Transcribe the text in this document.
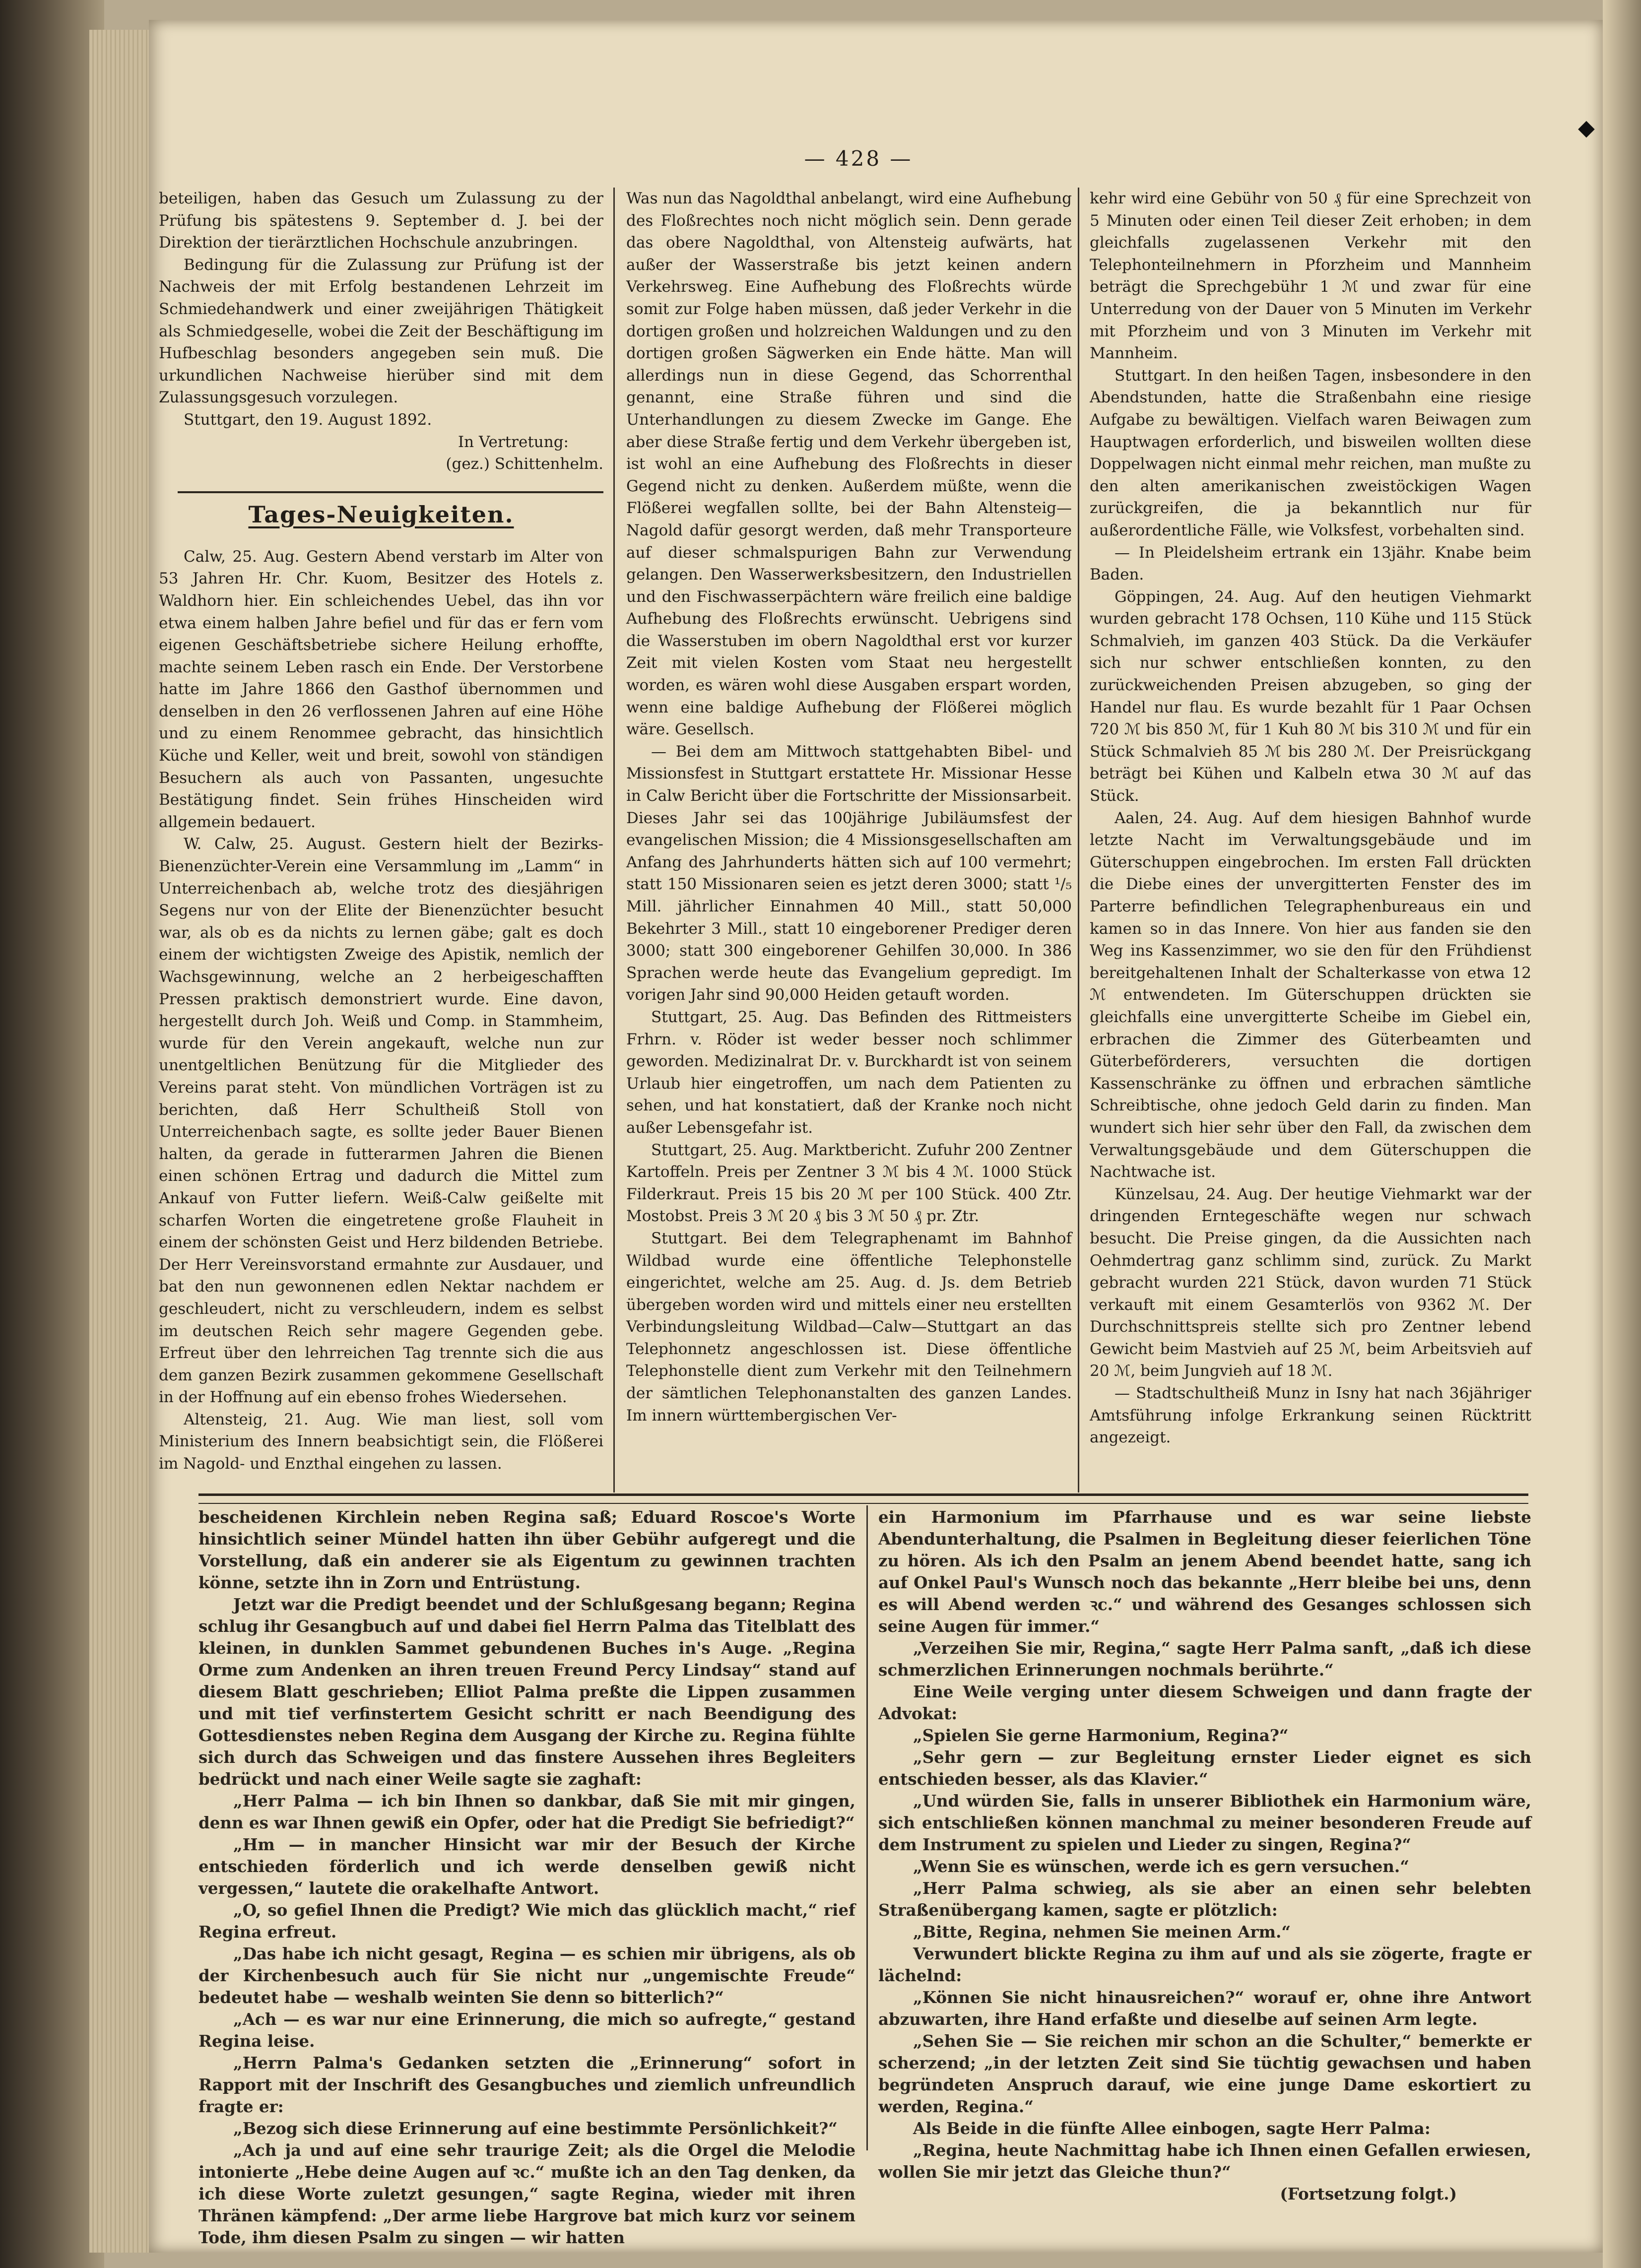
◆
— 428 —

beteiligen, haben das Gesuch um Zulassung zu der Prüfung bis spätestens 9. September d. J. bei der Direktion der tierärztlichen Hochschule anzubringen.

Bedingung für die Zulassung zur Prüfung ist der Nachweis der mit Erfolg bestandenen Lehrzeit im Schmiedehandwerk und einer zweijährigen Thätigkeit als Schmiedgeselle, wobei die Zeit der Beschäftigung im Hufbeschlag besonders angegeben sein muß. Die urkundlichen Nachweise hierüber sind mit dem Zulassungsgesuch vorzulegen.

Stuttgart, den 19. August 1892.

In Vertretung:

(gez.) Schittenhelm.

Calw, 25. Aug. Gestern Abend verstarb im Alter von 53 Jahren Hr. Chr. Kuom, Besitzer des Hotels z. Waldhorn hier. Ein schleichendes Uebel, das ihn vor etwa einem halben Jahre befiel und für das er fern vom eigenen Geschäftsbetriebe sichere Heilung erhoffte, machte seinem Leben rasch ein Ende. Der Verstorbene hatte im Jahre 1866 den Gasthof übernommen und denselben in den 26 verflossenen Jahren auf eine Höhe und zu einem Renommee gebracht, das hinsichtlich Küche und Keller, weit und breit, sowohl von ständigen Besuchern als auch von Passanten, ungesuchte Bestätigung findet. Sein frühes Hinscheiden wird allgemein bedauert.

W. Calw, 25. August. Gestern hielt der Bezirks-Bienenzüchter-Verein eine Versammlung im „Lamm“ in Unterreichenbach ab, welche trotz des diesjährigen Segens nur von der Elite der Bienenzüchter besucht war, als ob es da nichts zu lernen gäbe; galt es doch einem der wichtigsten Zweige des Apistik, nemlich der Wachsgewinnung, welche an 2 herbeigeschafften Pressen praktisch demonstriert wurde. Eine davon, hergestellt durch Joh. Weiß und Comp. in Stammheim, wurde für den Verein angekauft, welche nun zur unentgeltlichen Benützung für die Mitglieder des Vereins parat steht. Von mündlichen Vorträgen ist zu berichten, daß Herr Schultheiß Stoll von Unterreichenbach sagte, es sollte jeder Bauer Bienen halten, da gerade in futterarmen Jahren die Bienen einen schönen Ertrag und dadurch die Mittel zum Ankauf von Futter liefern. Weiß-Calw geißelte mit scharfen Worten die eingetretene große Flauheit in einem der schönsten Geist und Herz bildenden Betriebe. Der Herr Vereinsvorstand ermahnte zur Ausdauer, und bat den nun gewonnenen edlen Nektar nachdem er geschleudert, nicht zu verschleudern, indem es selbst im deutschen Reich sehr magere Gegenden gebe. Erfreut über den lehrreichen Tag trennte sich die aus dem ganzen Bezirk zusammen gekommene Gesellschaft in der Hoffnung auf ein ebenso frohes Wiedersehen.

Altensteig, 21. Aug. Wie man liest, soll vom Ministerium des Innern beabsichtigt sein, die Flößerei im Nagold- und Enzthal eingehen zu lassen.

Tages-Neuigkeiten.

Was nun das Nagoldthal anbelangt, wird eine Aufhebung des Floßrechtes noch nicht möglich sein. Denn gerade das obere Nagoldthal, von Altensteig aufwärts, hat außer der Wasserstraße bis jetzt keinen andern Verkehrsweg. Eine Aufhebung des Floßrechts würde somit zur Folge haben müssen, daß jeder Verkehr in die dortigen großen und holzreichen Waldungen und zu den dortigen großen Sägwerken ein Ende hätte. Man will allerdings nun in diese Gegend, das Schorrenthal genannt, eine Straße führen und sind die Unterhandlungen zu diesem Zwecke im Gange. Ehe aber diese Straße fertig und dem Verkehr übergeben ist, ist wohl an eine Aufhebung des Floßrechts in dieser Gegend nicht zu denken. Außerdem müßte, wenn die Flößerei wegfallen sollte, bei der Bahn Altensteig—Nagold dafür gesorgt werden, daß mehr Transporteure auf dieser schmalspurigen Bahn zur Verwendung gelangen. Den Wasserwerksbesitzern, den Industriellen und den Fischwasserpächtern wäre freilich eine baldige Aufhebung des Floßrechts erwünscht. Uebrigens sind die Wasserstuben im obern Nagoldthal erst vor kurzer Zeit mit vielen Kosten vom Staat neu hergestellt worden, es wären wohl diese Ausgaben erspart worden, wenn eine baldige Aufhebung der Flößerei möglich wäre. Gesellsch.

— Bei dem am Mittwoch stattgehabten Bibel- und Missionsfest in Stuttgart erstattete Hr. Missionar Hesse in Calw Bericht über die Fortschritte der Missionsarbeit. Dieses Jahr sei das 100jährige Jubiläumsfest der evangelischen Mission; die 4 Missionsgesellschaften am Anfang des Jahrhunderts hätten sich auf 100 vermehrt; statt 150 Missionaren seien es jetzt deren 3000; statt ¹/₅ Mill. jährlicher Einnahmen 40 Mill., statt 50,000 Bekehrter 3 Mill., statt 10 eingeborener Prediger deren 3000; statt 300 eingeborener Gehilfen 30,000. In 386 Sprachen werde heute das Evangelium gepredigt. Im vorigen Jahr sind 90,000 Heiden getauft worden.

Stuttgart, 25. Aug. Das Befinden des Rittmeisters Frhrn. v. Röder ist weder besser noch schlimmer geworden. Medizinalrat Dr. v. Burckhardt ist von seinem Urlaub hier eingetroffen, um nach dem Patienten zu sehen, und hat konstatiert, daß der Kranke noch nicht außer Lebensgefahr ist.

Stuttgart, 25. Aug. Marktbericht. Zufuhr 200 Zentner Kartoffeln. Preis per Zentner 3 ℳ bis 4 ℳ. 1000 Stück Filderkraut. Preis 15 bis 20 ℳ per 100 Stück. 400 Ztr. Mostobst. Preis 3 ℳ 20 ₰ bis 3 ℳ 50 ₰ pr. Ztr.

Stuttgart. Bei dem Telegraphenamt im Bahnhof Wildbad wurde eine öffentliche Telephonstelle eingerichtet, welche am 25. Aug. d. Js. dem Betrieb übergeben worden wird und mittels einer neu erstellten Verbindungsleitung Wildbad—Calw—Stuttgart an das Telephonnetz angeschlossen ist. Diese öffentliche Telephonstelle dient zum Verkehr mit den Teilnehmern der sämtlichen Telephonanstalten des ganzen Landes. Im innern württembergischen Ver-

kehr wird eine Gebühr von 50 ₰ für eine Sprechzeit von 5 Minuten oder einen Teil dieser Zeit erhoben; in dem gleichfalls zugelassenen Verkehr mit den Telephonteilnehmern in Pforzheim und Mannheim beträgt die Sprechgebühr 1 ℳ und zwar für eine Unterredung von der Dauer von 5 Minuten im Verkehr mit Pforzheim und von 3 Minuten im Verkehr mit Mannheim.

Stuttgart. In den heißen Tagen, insbesondere in den Abendstunden, hatte die Straßenbahn eine riesige Aufgabe zu bewältigen. Vielfach waren Beiwagen zum Hauptwagen erforderlich, und bisweilen wollten diese Doppelwagen nicht einmal mehr reichen, man mußte zu den alten amerikanischen zweistöckigen Wagen zurückgreifen, die ja bekanntlich nur für außerordentliche Fälle, wie Volksfest, vorbehalten sind.

— In Pleidelsheim ertrank ein 13jähr. Knabe beim Baden.

Göppingen, 24. Aug. Auf den heutigen Viehmarkt wurden gebracht 178 Ochsen, 110 Kühe und 115 Stück Schmalvieh, im ganzen 403 Stück. Da die Verkäufer sich nur schwer entschließen konnten, zu den zurückweichenden Preisen abzugeben, so ging der Handel nur flau. Es wurde bezahlt für 1 Paar Ochsen 720 ℳ bis 850 ℳ, für 1 Kuh 80 ℳ bis 310 ℳ und für ein Stück Schmalvieh 85 ℳ bis 280 ℳ. Der Preisrückgang beträgt bei Kühen und Kalbeln etwa 30 ℳ auf das Stück.

Aalen, 24. Aug. Auf dem hiesigen Bahnhof wurde letzte Nacht im Verwaltungsgebäude und im Güterschuppen eingebrochen. Im ersten Fall drückten die Diebe eines der unvergitterten Fenster des im Parterre befindlichen Telegraphenbureaus ein und kamen so in das Innere. Von hier aus fanden sie den Weg ins Kassenzimmer, wo sie den für den Frühdienst bereitgehaltenen Inhalt der Schalterkasse von etwa 12 ℳ entwendeten. Im Güterschuppen drückten sie gleichfalls eine unvergitterte Scheibe im Giebel ein, erbrachen die Zimmer des Güterbeamten und Güterbeförderers, versuchten die dortigen Kassenschränke zu öffnen und erbrachen sämtliche Schreibtische, ohne jedoch Geld darin zu finden. Man wundert sich hier sehr über den Fall, da zwischen dem Verwaltungsgebäude und dem Güterschuppen die Nachtwache ist.

Künzelsau, 24. Aug. Der heutige Viehmarkt war der dringenden Erntegeschäfte wegen nur schwach besucht. Die Preise gingen, da die Aussichten nach Oehmdertrag ganz schlimm sind, zurück. Zu Markt gebracht wurden 221 Stück, davon wurden 71 Stück verkauft mit einem Gesamterlös von 9362 ℳ. Der Durchschnittspreis stellte sich pro Zentner lebend Gewicht beim Mastvieh auf 25 ℳ, beim Arbeitsvieh auf 20 ℳ, beim Jungvieh auf 18 ℳ.

— Stadtschultheiß Munz in Isny hat nach 36jähriger Amtsführung infolge Erkrankung seinen Rücktritt angezeigt.

bescheidenen Kirchlein neben Regina saß; Eduard Roscoe's Worte hinsichtlich seiner Mündel hatten ihn über Gebühr aufgeregt und die Vorstellung, daß ein anderer sie als Eigentum zu gewinnen trachten könne, setzte ihn in Zorn und Entrüstung.

Jetzt war die Predigt beendet und der Schlußgesang begann; Regina schlug ihr Gesangbuch auf und dabei fiel Herrn Palma das Titelblatt des kleinen, in dunklen Sammet gebundenen Buches in's Auge. „Regina Orme zum Andenken an ihren treuen Freund Percy Lindsay“ stand auf diesem Blatt geschrieben; Elliot Palma preßte die Lippen zusammen und mit tief verfinstertem Gesicht schritt er nach Beendigung des Gottesdienstes neben Regina dem Ausgang der Kirche zu. Regina fühlte sich durch das Schweigen und das finstere Aussehen ihres Begleiters bedrückt und nach einer Weile sagte sie zaghaft:

„Herr Palma — ich bin Ihnen so dankbar, daß Sie mit mir gingen, denn es war Ihnen gewiß ein Opfer, oder hat die Predigt Sie befriedigt?“

„Hm — in mancher Hinsicht war mir der Besuch der Kirche entschieden förderlich und ich werde denselben gewiß nicht vergessen,“ lautete die orakelhafte Antwort.

„O, so gefiel Ihnen die Predigt? Wie mich das glücklich macht,“ rief Regina erfreut.

„Das habe ich nicht gesagt, Regina — es schien mir übrigens, als ob der Kirchenbesuch auch für Sie nicht nur „ungemischte Freude“ bedeutet habe — weshalb weinten Sie denn so bitterlich?“

„Ach — es war nur eine Erinnerung, die mich so aufregte,“ gestand Regina leise.

„Herrn Palma's Gedanken setzten die „Erinnerung“ sofort in Rapport mit der Inschrift des Gesangbuches und ziemlich unfreundlich fragte er:

„Bezog sich diese Erinnerung auf eine bestimmte Persönlichkeit?“

„Ach ja und auf eine sehr traurige Zeit; als die Orgel die Melodie intonierte „Hebe deine Augen auf ꝛc.“ mußte ich an den Tag denken, da ich diese Worte zuletzt gesungen,“ sagte Regina, wieder mit ihren Thränen kämpfend: „Der arme liebe Hargrove bat mich kurz vor seinem Tode, ihm diesen Psalm zu singen — wir hatten

ein Harmonium im Pfarrhause und es war seine liebste Abendunterhaltung, die Psalmen in Begleitung dieser feierlichen Töne zu hören. Als ich den Psalm an jenem Abend beendet hatte, sang ich auf Onkel Paul's Wunsch noch das bekannte „Herr bleibe bei uns, denn es will Abend werden ꝛc.“ und während des Gesanges schlossen sich seine Augen für immer.“

„Verzeihen Sie mir, Regina,“ sagte Herr Palma sanft, „daß ich diese schmerzlichen Erinnerungen nochmals berührte.“

Eine Weile verging unter diesem Schweigen und dann fragte der Advokat:

„Spielen Sie gerne Harmonium, Regina?“

„Sehr gern — zur Begleitung ernster Lieder eignet es sich entschieden besser, als das Klavier.“

„Und würden Sie, falls in unserer Bibliothek ein Harmonium wäre, sich entschließen können manchmal zu meiner besonderen Freude auf dem Instrument zu spielen und Lieder zu singen, Regina?“

„Wenn Sie es wünschen, werde ich es gern versuchen.“

„Herr Palma schwieg, als sie aber an einen sehr belebten Straßenübergang kamen, sagte er plötzlich:

„Bitte, Regina, nehmen Sie meinen Arm.“

Verwundert blickte Regina zu ihm auf und als sie zögerte, fragte er lächelnd:

„Können Sie nicht hinausreichen?“ worauf er, ohne ihre Antwort abzuwarten, ihre Hand erfaßte und dieselbe auf seinen Arm legte.

„Sehen Sie — Sie reichen mir schon an die Schulter,“ bemerkte er scherzend; „in der letzten Zeit sind Sie tüchtig gewachsen und haben begründeten Anspruch darauf, wie eine junge Dame eskortiert zu werden, Regina.“

Als Beide in die fünfte Allee einbogen, sagte Herr Palma:

„Regina, heute Nachmittag habe ich Ihnen einen Gefallen erwiesen, wollen Sie mir jetzt das Gleiche thun?“

(Fortsetzung folgt.)
